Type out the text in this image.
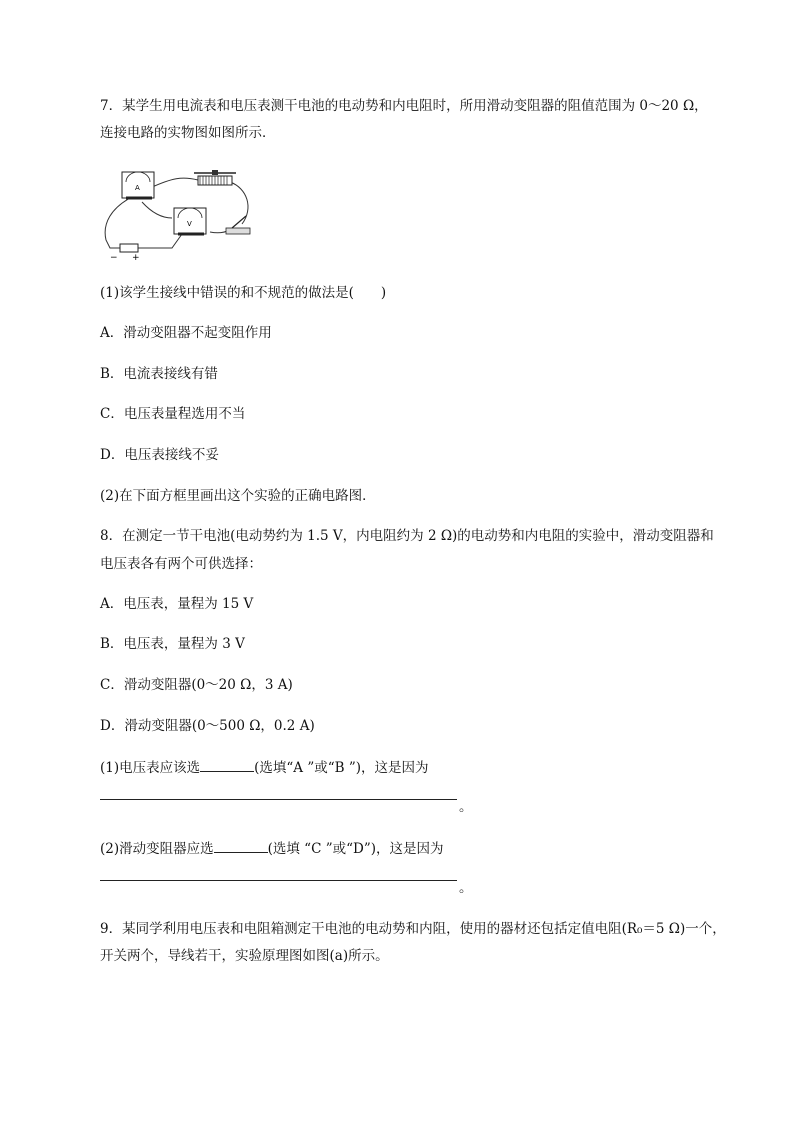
7．某学生用电流表和电压表测干电池的电动势和内电阻时，所用滑动变阻器的阻值范围为 0～20 Ω，
连接电路的实物图如图所示．
A
V
− +
(1)该学生接线中错误的和不规范的做法是(　　)
A．滑动变阻器不起变阻作用
B．电流表接线有错
C．电压表量程选用不当
D．电压表接线不妥
(2)在下面方框里画出这个实验的正确电路图．
8．在测定一节干电池(电动势约为 1.5 V，内电阻约为 2 Ω)的电动势和内电阻的实验中，滑动变阻器和
电压表各有两个可供选择：
A．电压表，量程为 15 V
B．电压表，量程为 3 V
C．滑动变阻器(0～20 Ω，3 A)
D．滑动变阻器(0～500 Ω，0.2 A)
(1)电压表应该选	(选填“A ”或“B ”)，这是因为
。
(2)滑动变阻器应选	(选填 “C ”或“D”)，这是因为
。
9．某同学利用电压表和电阻箱测定干电池的电动势和内阻，使用的器材还包括定值电阻(R₀＝5 Ω)一个，
开关两个，导线若干，实验原理图如图(a)所示。
